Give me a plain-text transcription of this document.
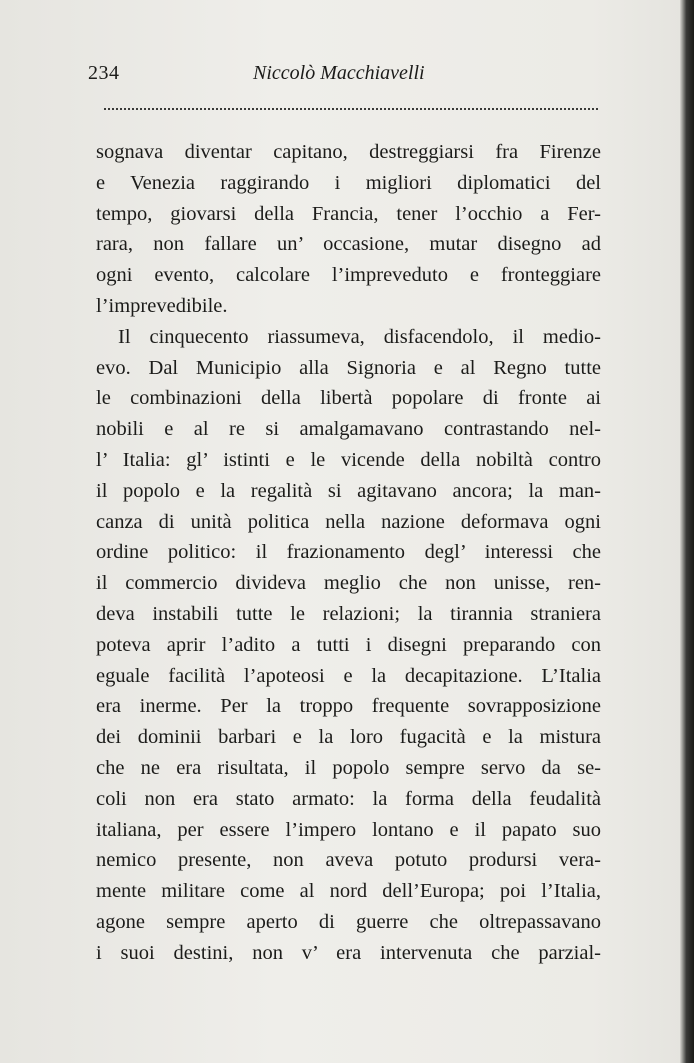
234	Niccolò Macchiavelli
sognava diventar capitano, destreggiarsi fra Firenze
e Venezia raggirando i migliori diplomatici del
tempo, giovarsi della Francia, tener l’occhio a Fer-
rara, non fallare un’ occasione, mutar disegno ad
ogni evento, calcolare l’impreveduto e fronteggiare
l’imprevedibile.
Il cinquecento riassumeva, disfacendolo, il medio-
evo. Dal Municipio alla Signoria e al Regno tutte
le combinazioni della libertà popolare di fronte ai
nobili e al re si amalgamavano contrastando nel-
l’ Italia: gl’ istinti e le vicende della nobiltà contro
il popolo e la regalità si agitavano ancora; la man-
canza di unità politica nella nazione deformava ogni
ordine politico: il frazionamento degl’ interessi che
il commercio divideva meglio che non unisse, ren-
deva instabili tutte le relazioni; la tirannia straniera
poteva aprir l’adito a tutti i disegni preparando con
eguale facilità l’apoteosi e la decapitazione. L’Italia
era inerme. Per la troppo frequente sovrapposizione
dei dominii barbari e la loro fugacità e la mistura
che ne era risultata, il popolo sempre servo da se-
coli non era stato armato: la forma della feudalità
italiana, per essere l’impero lontano e il papato suo
nemico presente, non aveva potuto prodursi vera-
mente militare come al nord dell’Europa; poi l’Italia,
agone sempre aperto di guerre che oltrepassavano
i suoi destini, non v’ era intervenuta che parzial-
